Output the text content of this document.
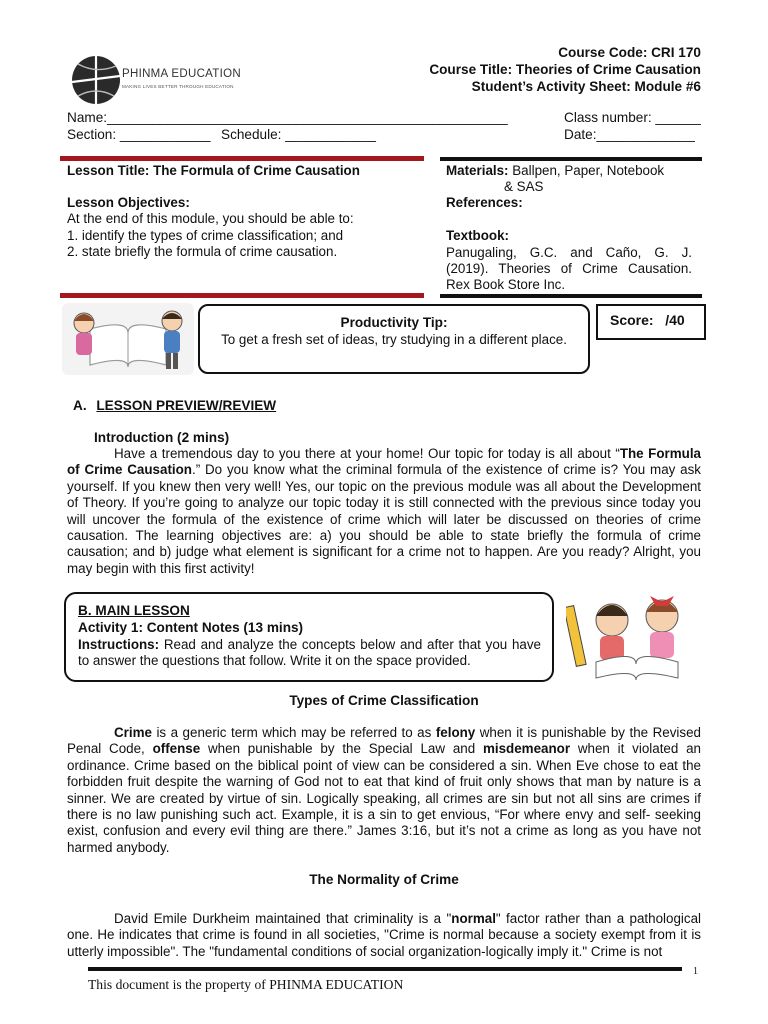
PHINMA EDUCATION
MAKING LIVES BETTER THROUGH EDUCATION
Course Code: CRI 170
Course Title: Theories of Crime Causation
Student’s Activity Sheet: Module #6
Name:_____________________________________________________	Class number: ______
Section: ____________ Schedule: ____________	Date:_____________
Lesson Title: The Formula of Crime Causation
Lesson Objectives:
At the end of this module, you should be able to:
1. identify the types of crime classification; and
2. state briefly the formula of crime causation.
Materials: Ballpen, Paper, Notebook
& SAS
References:
Textbook:
Panugaling, G.C. and Caño, G. J.
(2019). Theories of Crime Causation.
Rex Book Store Inc.
Productivity Tip:
To get a fresh set of ideas, try studying in a different place.
Score:   /40
A. LESSON PREVIEW/REVIEW
Introduction (2 mins)
Have a tremendous day to you there at your home! Our topic for today is all about “The Formula of Crime Causation.” Do you know what the criminal formula of the existence of crime is? You may ask yourself. If you knew then very well! Yes, our topic on the previous module was all about the Development of Theory. If you’re going to analyze our topic today it is still connected with the previous since today you will uncover the formula of the existence of crime which will later be discussed on theories of crime causation. The learning objectives are: a) you should be able to state briefly the formula of crime causation; and b) judge what element is significant for a crime not to happen. Are you ready? Alright, you may begin with this first activity!
B. MAIN LESSON
Activity 1: Content Notes (13 mins)
Instructions: Read and analyze the concepts below and after that you have to answer the questions that follow. Write it on the space provided.
Types of Crime Classification
Crime is a generic term which may be referred to as felony when it is punishable by the Revised Penal Code, offense when punishable by the Special Law and misdemeanor when it violated an ordinance. Crime based on the biblical point of view can be considered a sin. When Eve chose to eat the forbidden fruit despite the warning of God not to eat that kind of fruit only shows that man by nature is a sinner. We are created by virtue of sin. Logically speaking, all crimes are sin but not all sins are crimes if there is no law punishing such act. Example, it is a sin to get envious, “For where envy and self- seeking exist, confusion and every evil thing are there.” James 3:16, but it’s not a crime as long as you have not harmed anybody.
The Normality of Crime
David Emile Durkheim maintained that criminality is a "normal" factor rather than a pathological one. He indicates that crime is found in all societies, "Crime is normal because a society exempt from it is utterly impossible". The "fundamental conditions of social organization-logically imply it." Crime is not
1
This document is the property of PHINMA EDUCATION
